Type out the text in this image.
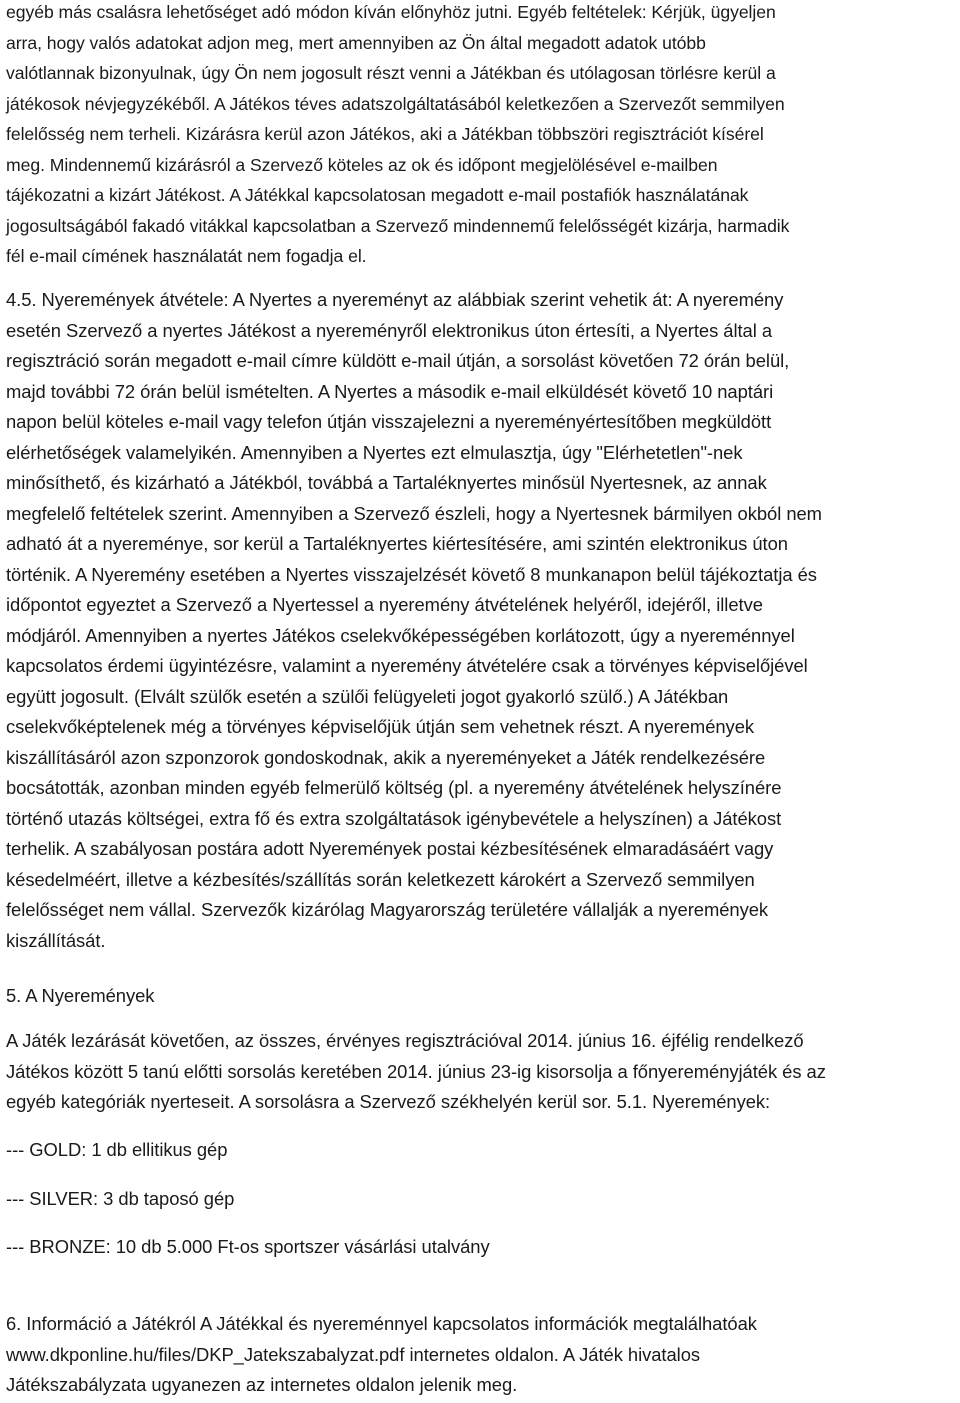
egyéb más csalásra lehetőséget adó módon kíván előnyhöz jutni. Egyéb feltételek: Kérjük, ügyeljen
arra, hogy valós adatokat adjon meg, mert amennyiben az Ön által megadott adatok utóbb
valótlannak bizonyulnak, úgy Ön nem jogosult részt venni a Játékban és utólagosan törlésre kerül a
játékosok névjegyzékéből. A Játékos téves adatszolgáltatásából keletkezően a Szervezőt semmilyen
felelősség nem terheli. Kizárásra kerül azon Játékos, aki a Játékban többszöri regisztrációt kísérel
meg. Mindennemű kizárásról a Szervező köteles az ok és időpont megjelölésével e-mailben
tájékozatni a kizárt Játékost. A Játékkal kapcsolatosan megadott e-mail postafiók használatának
jogosultságából fakadó vitákkal kapcsolatban a Szervező mindennemű felelősségét kizárja, harmadik
fél e-mail címének használatát nem fogadja el.
4.5. Nyeremények átvétele: A Nyertes a nyereményt az alábbiak szerint vehetik át: A nyeremény
esetén Szervező a nyertes Játékost a nyereményről elektronikus úton értesíti, a Nyertes által a
regisztráció során megadott e-mail címre küldött e-mail útján, a sorsolást követően 72 órán belül,
majd további 72 órán belül ismételten. A Nyertes a második e-mail elküldését követő 10 naptári
napon belül köteles e-mail vagy telefon útján visszajelezni a nyereményértesítőben megküldött
elérhetőségek valamelyikén. Amennyiben a Nyertes ezt elmulasztja, úgy "Elérhetetlen"-nek
minősíthető, és kizárható a Játékból, továbbá a Tartaléknyertes minősül Nyertesnek, az annak
megfelelő feltételek szerint. Amennyiben a Szervező észleli, hogy a Nyertesnek bármilyen okból nem
adható át a nyereménye, sor kerül a Tartaléknyertes kiértesítésére, ami szintén elektronikus úton
történik. A Nyeremény esetében a Nyertes visszajelzését követő 8 munkanapon belül tájékoztatja és
időpontot egyeztet a Szervező a Nyertessel a nyeremény átvételének helyéről, idejéről, illetve
módjáról. Amennyiben a nyertes Játékos cselekvőképességében korlátozott, úgy a nyereménnyel
kapcsolatos érdemi ügyintézésre, valamint a nyeremény átvételére csak a törvényes képviselőjével
együtt jogosult. (Elvált szülők esetén a szülői felügyeleti jogot gyakorló szülő.) A Játékban
cselekvőképtelenek még a törvényes képviselőjük útján sem vehetnek részt. A nyeremények
kiszállításáról azon szponzorok gondoskodnak, akik a nyereményeket a Játék rendelkezésére
bocsátották, azonban minden egyéb felmerülő költség (pl. a nyeremény átvételének helyszínére
történő utazás költségei, extra fő és extra szolgáltatások igénybevétele a helyszínen) a Játékost
terhelik. A szabályosan postára adott Nyeremények postai kézbesítésének elmaradásáért vagy
késedelméért, illetve a kézbesítés/szállítás során keletkezett károkért a Szervező semmilyen
felelősséget nem vállal. Szervezők kizárólag Magyarország területére vállalják a nyeremények
kiszállítását.
5. A Nyeremények
A Játék lezárását követően, az összes, érvényes regisztrációval 2014. június 16. éjfélig rendelkező
Játékos között 5 tanú előtti sorsolás keretében 2014. június 23-ig kisorsolja a főnyereményjáték és az
egyéb kategóriák nyerteseit. A sorsolásra a Szervező székhelyén kerül sor. 5.1. Nyeremények:
--- GOLD: 1 db ellitikus gép
--- SILVER: 3 db taposó gép
--- BRONZE: 10 db 5.000 Ft-os sportszer vásárlási utalvány
6. Információ a Játékról A Játékkal és nyereménnyel kapcsolatos információk megtalálhatóak
www.dkponline.hu/files/DKP_Jatekszabalyzat.pdf internetes oldalon. A Játék hivatalos
Játékszabályzata ugyanezen az internetes oldalon jelenik meg.
